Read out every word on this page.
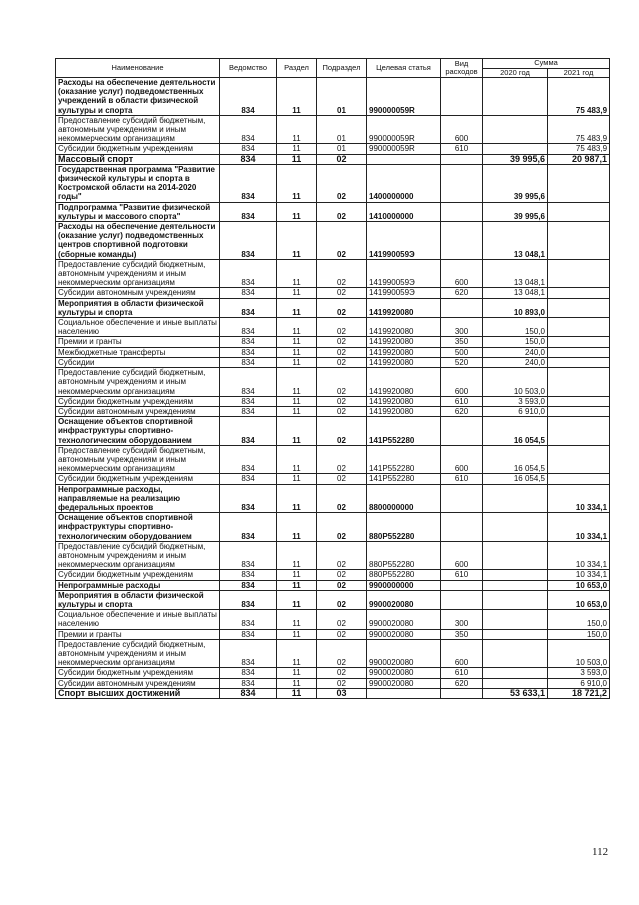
Наименование	Ведомство	Раздел	Подраздел	Целевая статья	Вид расходов	Сумма	
						2020 год	2021 год
Расходы на обеспечение деятельности (оказание услуг) подведомственных учреждений в области физической культуры и спорта	834	11	01	990000059R			75 483,9
Предоставление субсидий бюджетным, автономным учреждениям и иным некоммерческим организациям	834	11	01	990000059R	600		75 483,9
Субсидии бюджетным учреждениям	834	11	01	990000059R	610		75 483,9
Массовый спорт	834	11	02			39 995,6	20 987,1
Государственная программа "Развитие физической культуры и спорта в Костромской области на 2014-2020 годы"	834	11	02	1400000000		39 995,6	
Подпрограмма "Развитие физической культуры и массового спорта"	834	11	02	1410000000		39 995,6	
Расходы на обеспечение деятельности (оказание услуг) подведомственных центров спортивной подготовки (сборные команды)	834	11	02	141990059Э		13 048,1	
Предоставление субсидий бюджетным, автономным учреждениям и иным некоммерческим организациям	834	11	02	141990059Э	600	13 048,1	
Субсидии автономным учреждениям	834	11	02	141990059Э	620	13 048,1	
Мероприятия в области физической культуры и спорта	834	11	02	1419920080		10 893,0	
Социальное обеспечение и иные выплаты населению	834	11	02	1419920080	300	150,0	
Премии и гранты	834	11	02	1419920080	350	150,0	
Межбюджетные трансферты	834	11	02	1419920080	500	240,0	
Субсидии	834	11	02	1419920080	520	240,0	
Предоставление субсидий бюджетным, автономным учреждениям и иным некоммерческим организациям	834	11	02	1419920080	600	10 503,0	
Субсидии бюджетным учреждениям	834	11	02	1419920080	610	3 593,0	
Субсидии автономным учреждениям	834	11	02	1419920080	620	6 910,0	
Оснащение объектов спортивной инфраструктуры спортивно-технологическим оборудованием	834	11	02	141P552280		16 054,5	
Предоставление субсидий бюджетным, автономным учреждениям и иным некоммерческим организациям	834	11	02	141P552280	600	16 054,5	
Субсидии бюджетным учреждениям	834	11	02	141P552280	610	16 054,5	
Непрограммные расходы, направляемые на реализацию федеральных проектов	834	11	02	8800000000			10 334,1
Оснащение объектов спортивной инфраструктуры спортивно-технологическим оборудованием	834	11	02	880P552280			10 334,1
Предоставление субсидий бюджетным, автономным учреждениям и иным некоммерческим организациям	834	11	02	880P552280	600		10 334,1
Субсидии бюджетным учреждениям	834	11	02	880P552280	610		10 334,1
Непрограммные расходы	834	11	02	9900000000			10 653,0
Мероприятия в области физической культуры и спорта	834	11	02	9900020080			10 653,0
Социальное обеспечение и иные выплаты населению	834	11	02	9900020080	300		150,0
Премии и гранты	834	11	02	9900020080	350		150,0
Предоставление субсидий бюджетным, автономным учреждениям и иным некоммерческим организациям	834	11	02	9900020080	600		10 503,0
Субсидии бюджетным учреждениям	834	11	02	9900020080	610		3 593,0
Субсидии автономным учреждениям	834	11	02	9900020080	620		6 910,0
Спорт высших достижений	834	11	03			53 633,1	18 721,2
112
